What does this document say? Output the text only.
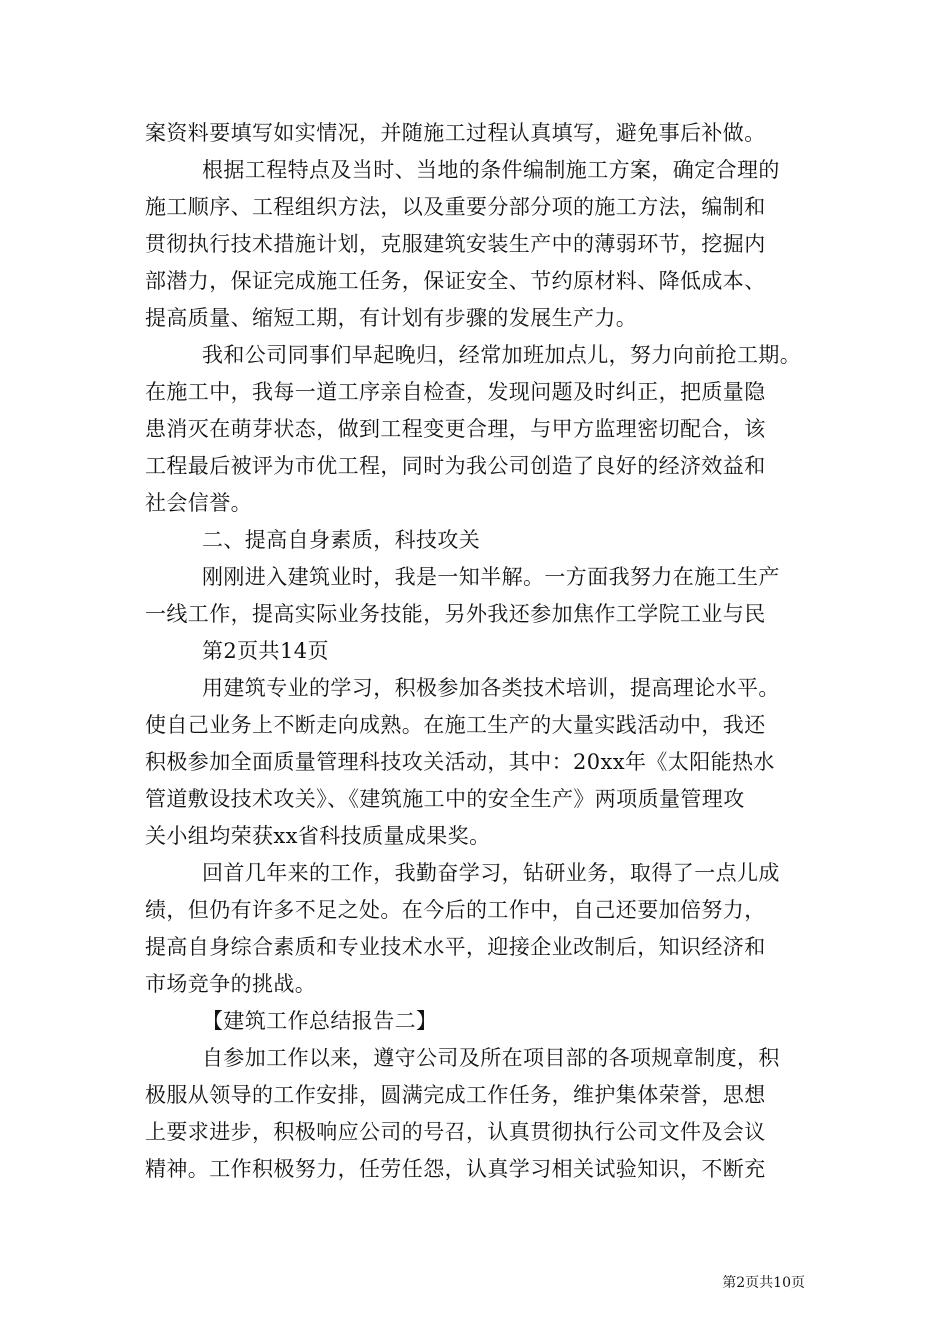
案资料要填写如实情况，并随施工过程认真填写，避免事后补做。
根据工程特点及当时、当地的条件编制施工方案，确定合理的
施工顺序、工程组织方法，以及重要分部分项的施工方法，编制和
贯彻执行技术措施计划，克服建筑安装生产中的薄弱环节，挖掘内
部潜力，保证完成施工任务，保证安全、节约原材料、降低成本、
提高质量、缩短工期，有计划有步骤的发展生产力。
我和公司同事们早起晚归，经常加班加点儿，努力向前抢工期。
在施工中，我每一道工序亲自检查，发现问题及时纠正，把质量隐
患消灭在萌芽状态，做到工程变更合理，与甲方监理密切配合，该
工程最后被评为市优工程，同时为我公司创造了良好的经济效益和
社会信誉。
二、提高自身素质，科技攻关
刚刚进入建筑业时，我是一知半解。一方面我努力在施工生产
一线工作，提高实际业务技能，另外我还参加焦作工学院工业与民
第2页共14页
用建筑专业的学习，积极参加各类技术培训，提高理论水平。
使自己业务上不断走向成熟。在施工生产的大量实践活动中，我还
积极参加全面质量管理科技攻关活动，其中：20xx年《太阳能热水
管道敷设技术攻关》、《建筑施工中的安全生产》两项质量管理攻
关小组均荣获xx省科技质量成果奖。
回首几年来的工作，我勤奋学习，钻研业务，取得了一点儿成
绩，但仍有许多不足之处。在今后的工作中，自己还要加倍努力，
提高自身综合素质和专业技术水平，迎接企业改制后，知识经济和
市场竞争的挑战。
【建筑工作总结报告二】
自参加工作以来，遵守公司及所在项目部的各项规章制度，积
极服从领导的工作安排，圆满完成工作任务，维护集体荣誉，思想
上要求进步，积极响应公司的号召，认真贯彻执行公司文件及会议
精神。工作积极努力，任劳任怨，认真学习相关试验知识，不断充
第2页共10页
